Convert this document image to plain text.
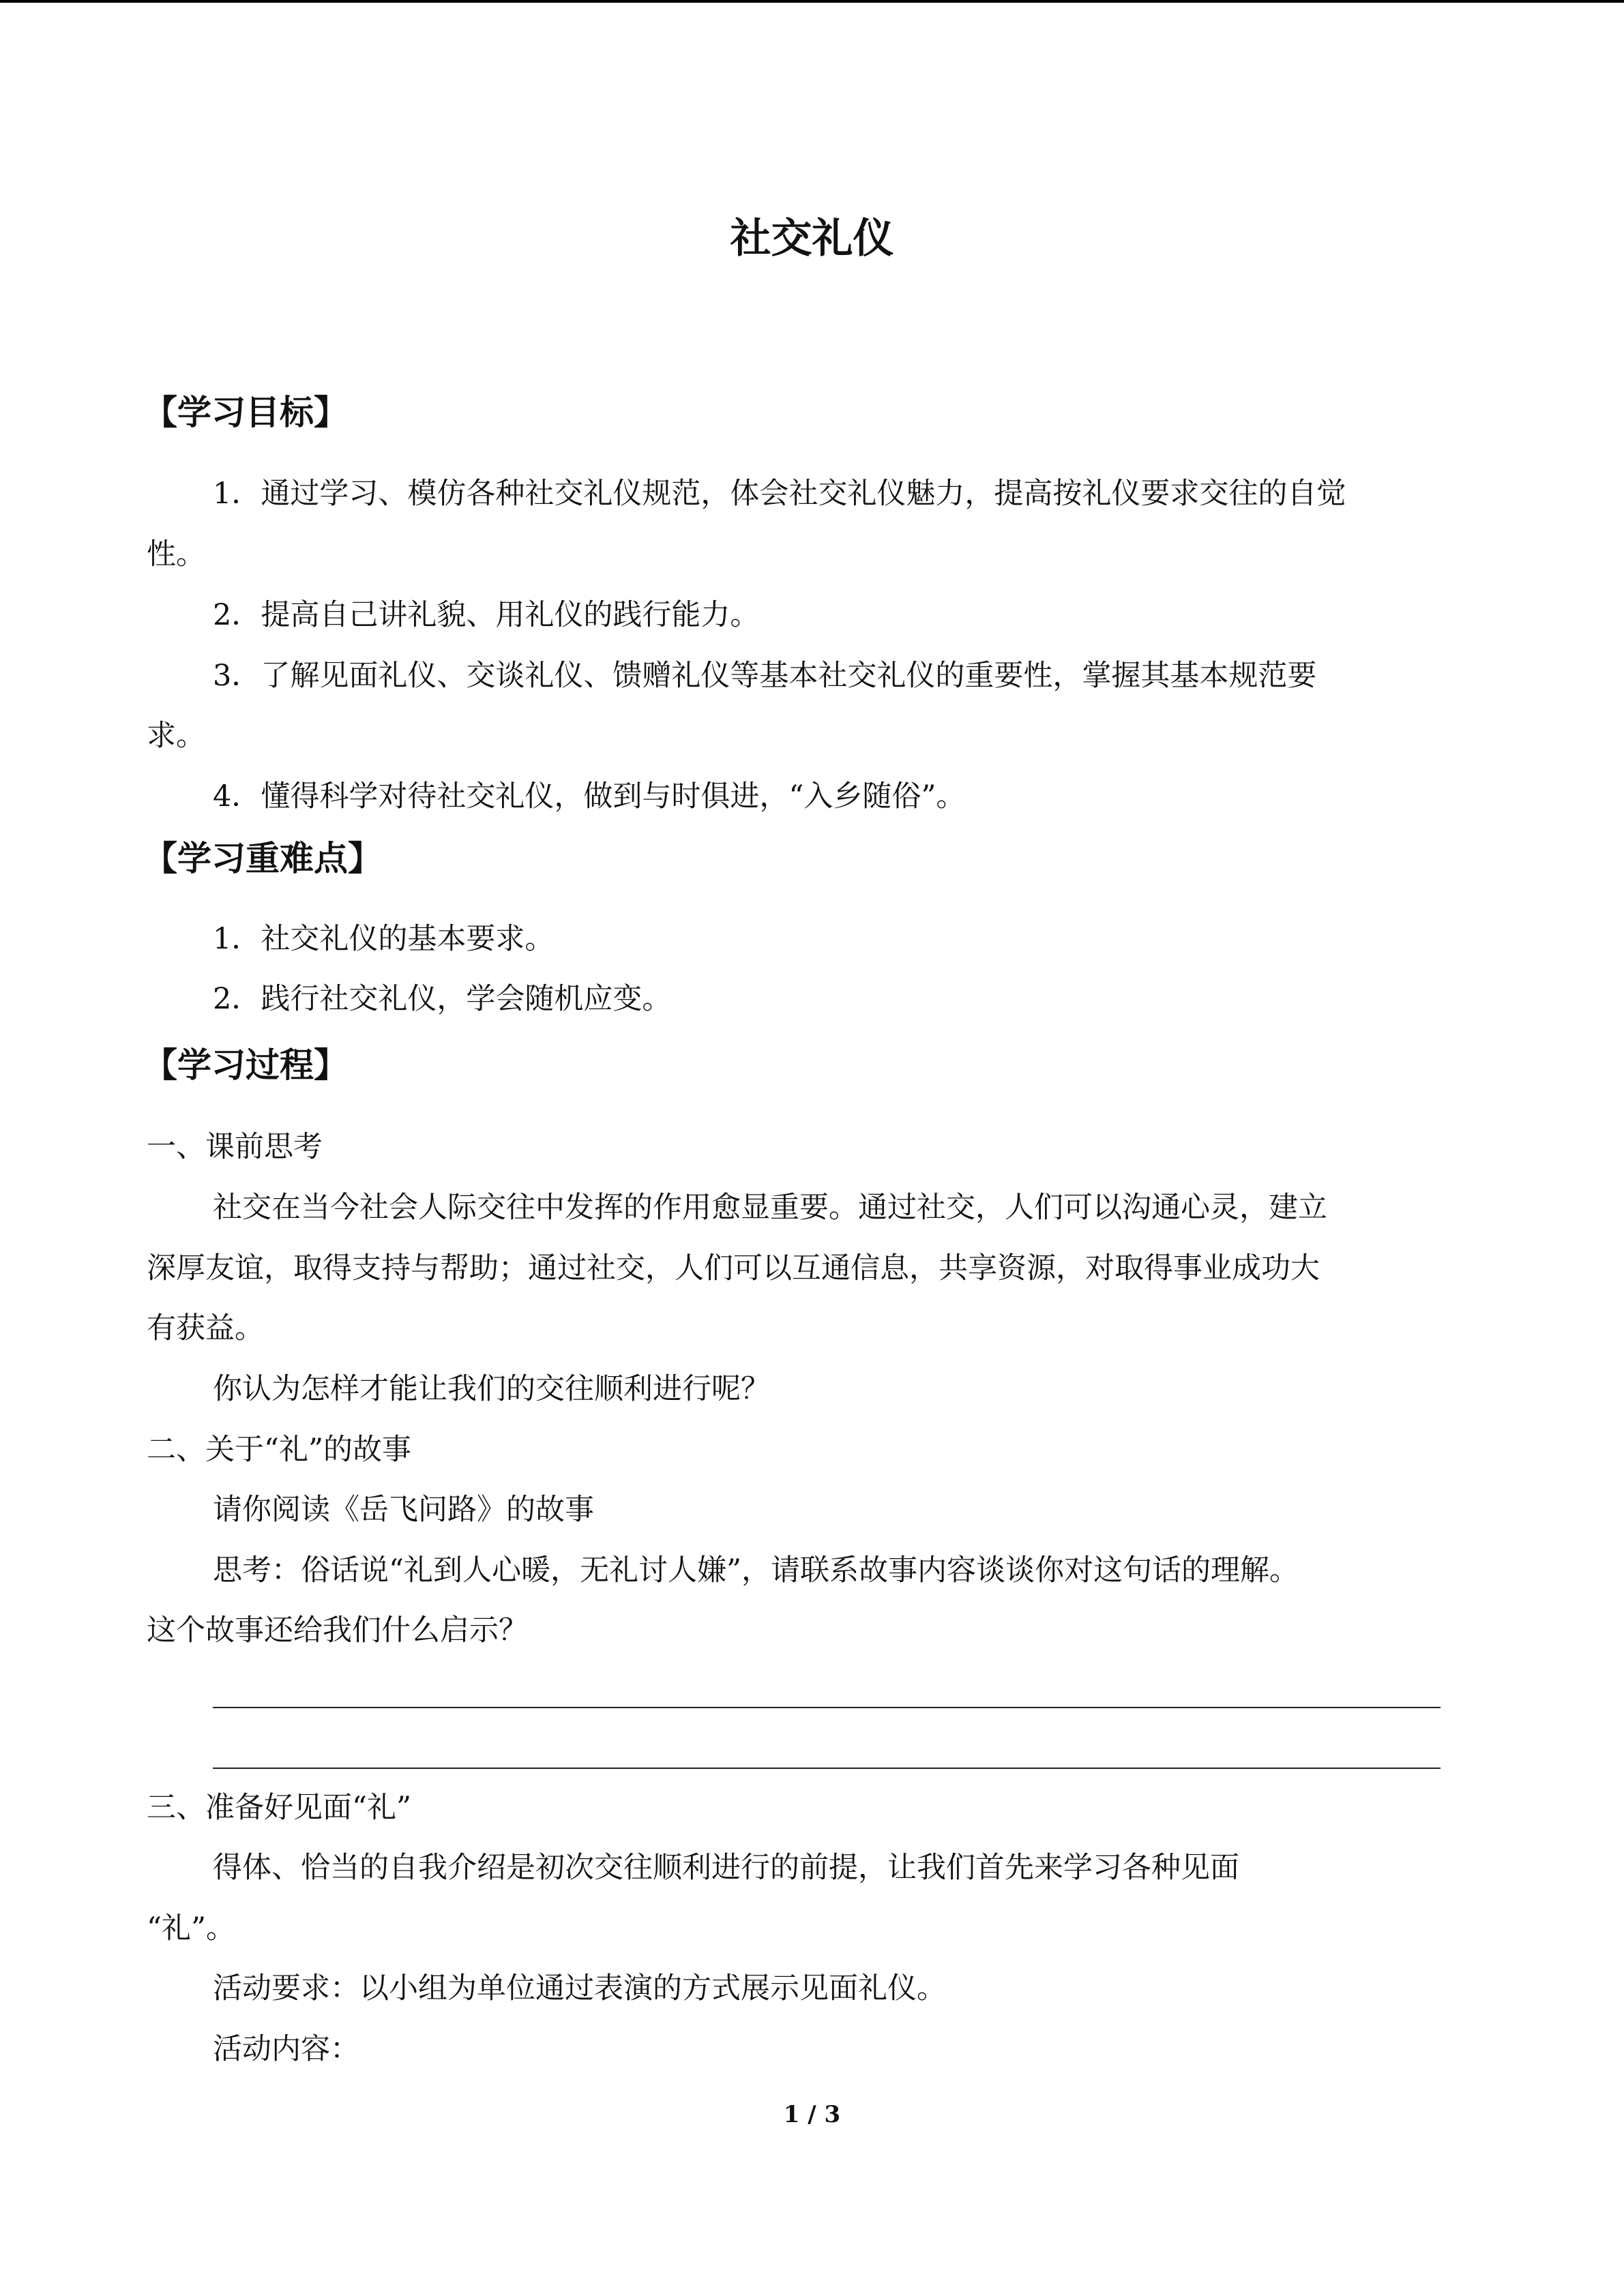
社交礼仪
【学习目标】

1．通过学习、模仿各种社交礼仪规范，体会社交礼仪魅力，提高按礼仪要求交往的自觉

性。

2．提高自己讲礼貌、用礼仪的践行能力。

3．了解见面礼仪、交谈礼仪、馈赠礼仪等基本社交礼仪的重要性，掌握其基本规范要

求。

4．懂得科学对待社交礼仪，做到与时俱进，“入乡随俗”。

【学习重难点】

1．社交礼仪的基本要求。

2．践行社交礼仪，学会随机应变。

【学习过程】

一、课前思考

社交在当今社会人际交往中发挥的作用愈显重要。通过社交，人们可以沟通心灵，建立

深厚友谊，取得支持与帮助；通过社交，人们可以互通信息，共享资源，对取得事业成功大

有获益。

你认为怎样才能让我们的交往顺利进行呢？

二、关于“礼”的故事

请你阅读《岳飞问路》的故事

思考：俗话说“礼到人心暖，无礼讨人嫌”，请联系故事内容谈谈你对这句话的理解。

这个故事还给我们什么启示？

三、准备好见面“礼”

得体、恰当的自我介绍是初次交往顺利进行的前提，让我们首先来学习各种见面

“礼”。

活动要求：以小组为单位通过表演的方式展示见面礼仪。

活动内容：

1 / 3
